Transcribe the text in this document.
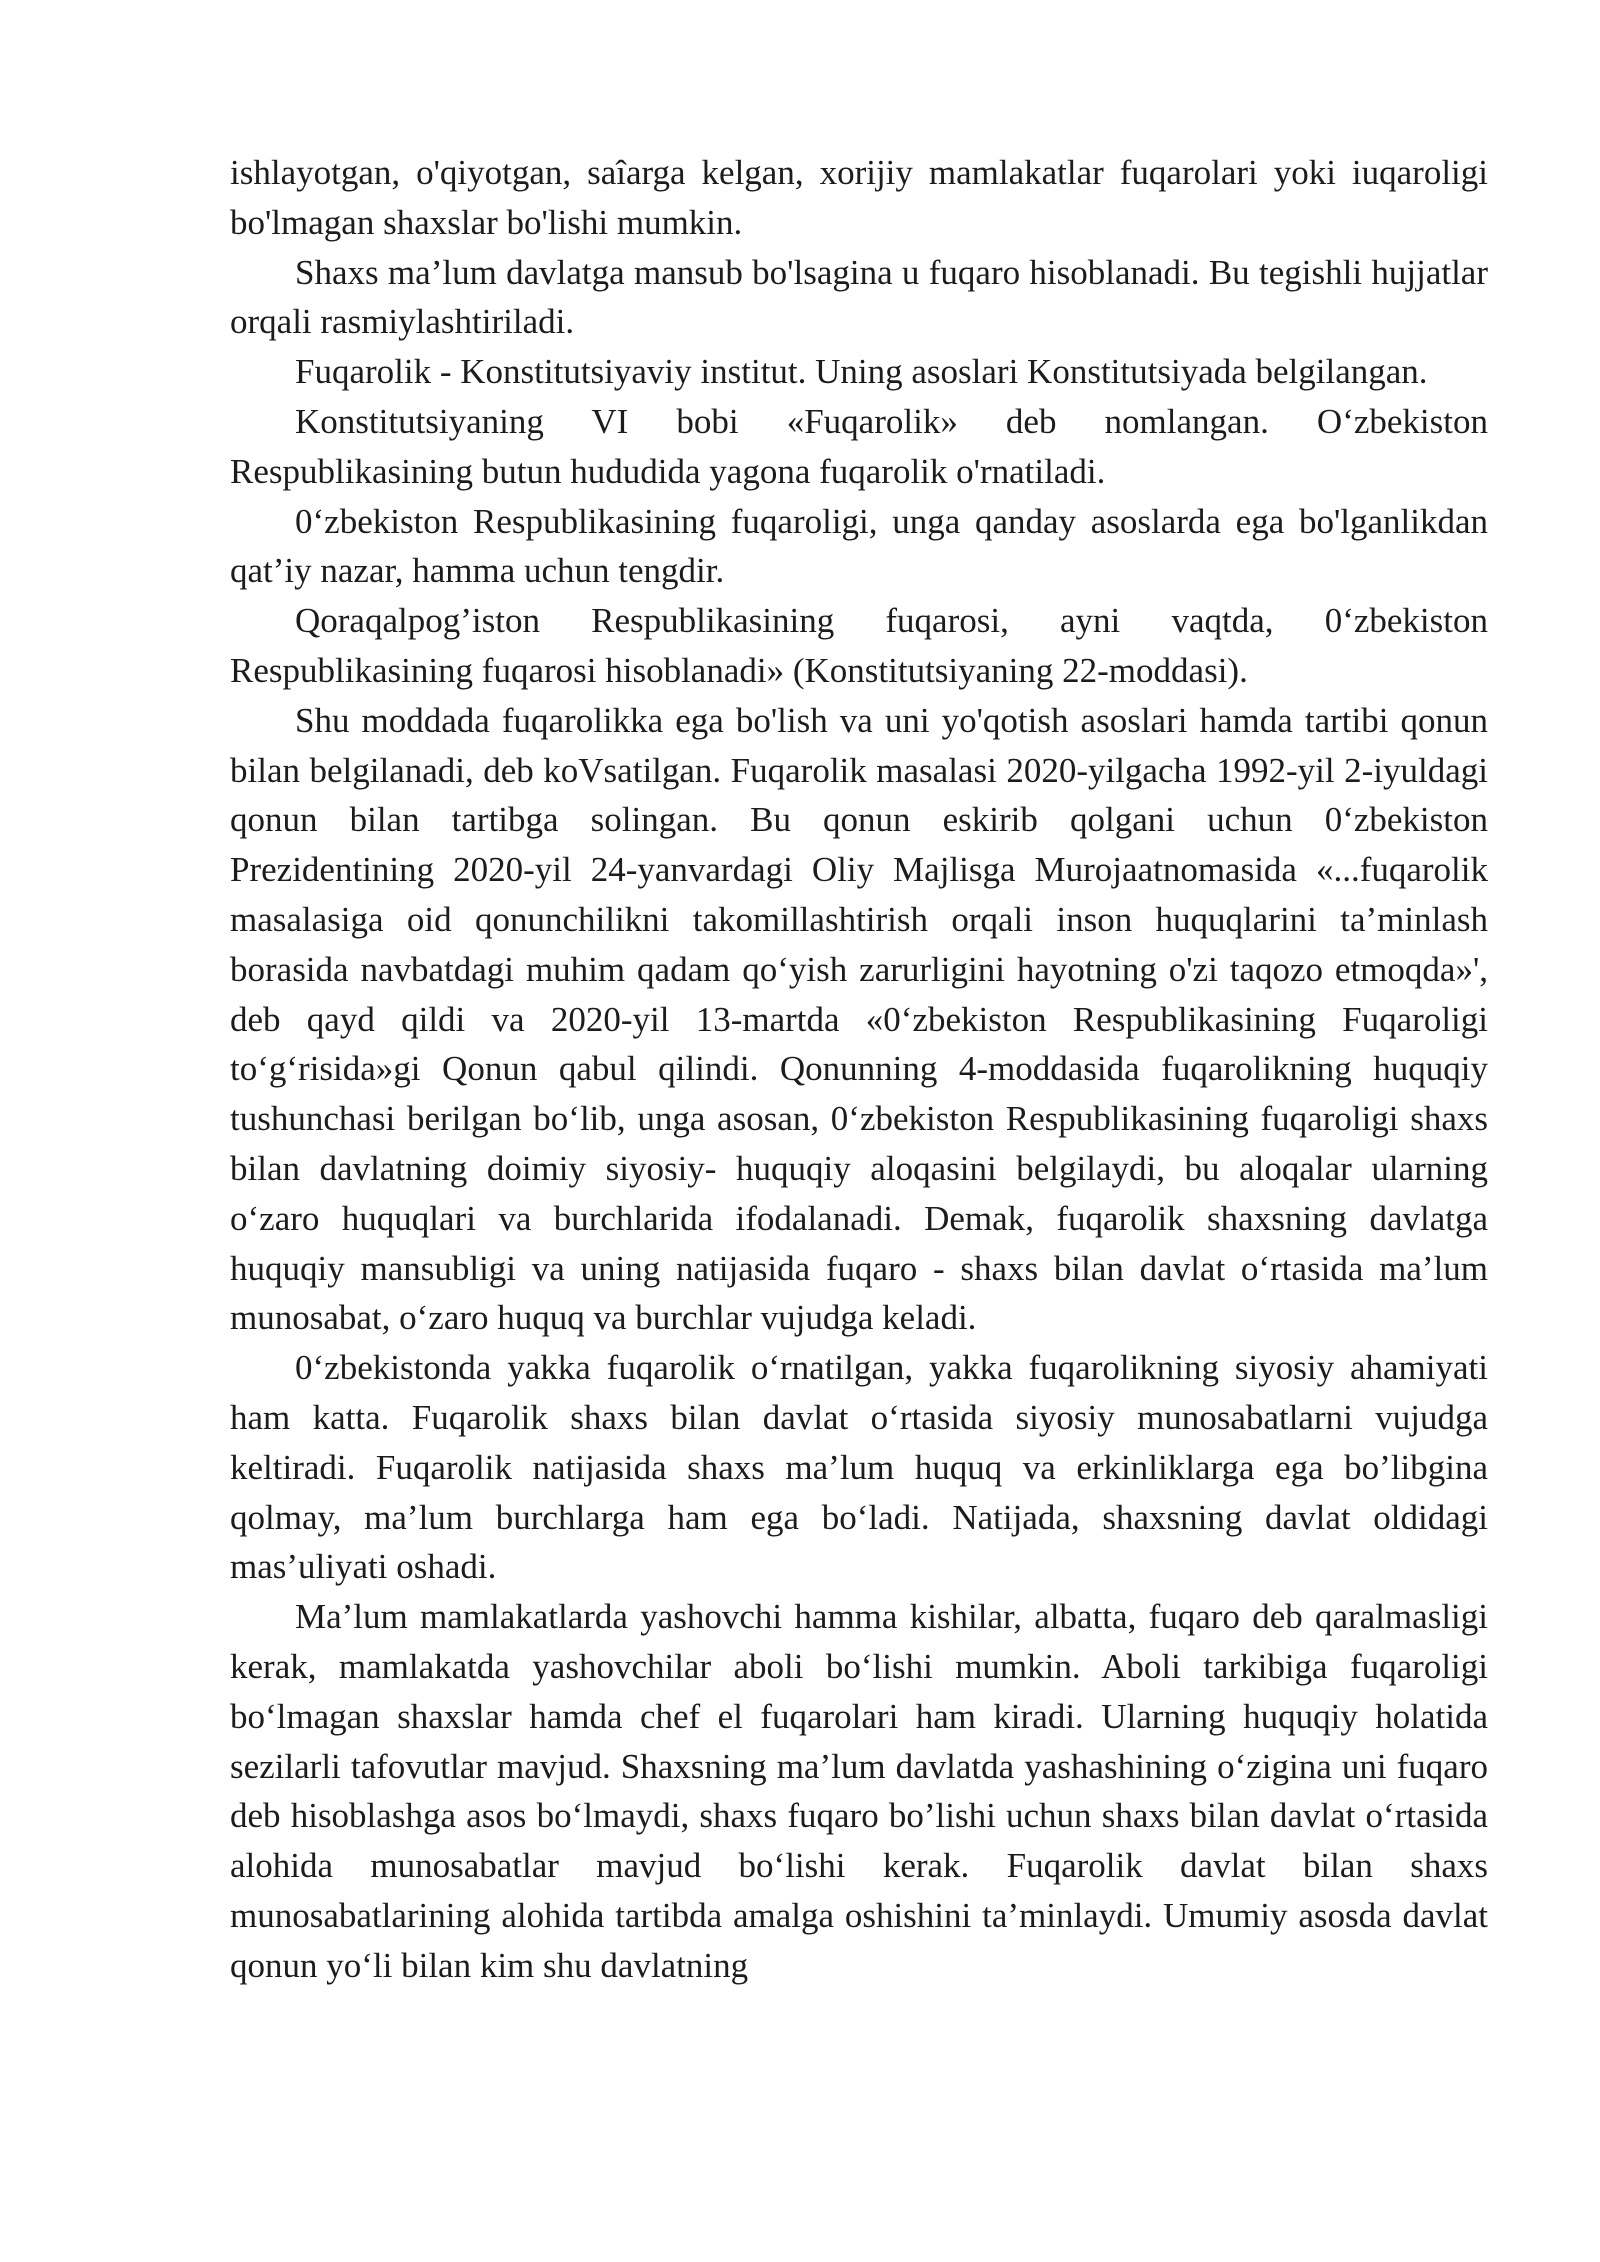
ishlayotgan, o'qiyotgan, saîarga kelgan, xorijiy mamlakatlar fuqarolari yoki iuqaroligi bo'lmagan shaxslar bo'lishi mumkin.

Shaxs ma’lum davlatga mansub bo'lsagina u fuqaro hisoblanadi. Bu tegishli hujjatlar orqali rasmiylashtiriladi.

Fuqarolik - Konstitutsiyaviy institut. Uning asoslari Konstitutsiyada belgilangan.

Konstitutsiyaning VI bobi «Fuqarolik» deb nomlangan. O‘zbekiston Respublikasining butun hududida yagona fuqarolik o'rnatiladi.

0‘zbekiston Respublikasining fuqaroligi, unga qanday asoslarda ega bo'lganlikdan qat’iy nazar, hamma uchun tengdir.

Qoraqalpog’iston Respublikasining fuqarosi, ayni vaqtda, 0‘zbekiston Respublikasining fuqarosi hisoblanadi» (Konstitutsiyaning 22-moddasi).

Shu moddada fuqarolikka ega bo'lish va uni yo'qotish asoslari hamda tartibi qonun bilan belgilanadi, deb koVsatilgan. Fuqarolik masalasi 2020-yilgacha 1992-yil 2-iyuldagi qonun bilan tartibga solingan. Bu qonun eskirib qolgani uchun 0‘zbekiston Prezidentining 2020-yil 24-yanvardagi Oliy Majlisga Murojaatnomasida «...fuqarolik masalasiga oid qonunchilikni takomillashtirish orqali inson huquqlarini ta’minlash borasida navbatdagi muhim qadam qo‘yish zarurligini hayotning o'zi taqozo etmoqda»', deb qayd qildi va 2020-yil 13-martda «0‘zbekiston Respublikasining Fuqaroligi to‘g‘risida»gi Qonun qabul qilindi. Qonunning 4-moddasida fuqarolikning huquqiy tushunchasi berilgan bo‘lib, unga asosan, 0‘zbekiston Respublikasining fuqaroligi shaxs bilan davlatning doimiy siyosiy- huquqiy aloqasini belgilaydi, bu aloqalar ularning o‘zaro huquqlari va burchlarida ifodalanadi. Demak, fuqarolik shaxsning davlatga huquqiy mansubligi va uning natijasida fuqaro - shaxs bilan davlat o‘rtasida ma’lum munosabat, o‘zaro huquq va burchlar vujudga keladi.

0‘zbekistonda yakka fuqarolik o‘rnatilgan, yakka fuqarolikning siyosiy ahamiyati ham katta. Fuqarolik shaxs bilan davlat o‘rtasida siyosiy munosabatlarni vujudga keltiradi. Fuqarolik natijasida shaxs ma’lum huquq va erkinliklarga ega bo’libgina qolmay, ma’lum burchlarga ham ega bo‘ladi. Natijada, shaxsning davlat oldidagi mas’uliyati oshadi.

Ma’lum mamlakatlarda yashovchi hamma kishilar, albatta, fuqaro deb qaralmasligi kerak, mamlakatda yashovchilar aboli bo‘lishi mumkin. Aboli tarkibiga fuqaroligi bo‘lmagan shaxslar hamda chef el fuqarolari ham kiradi. Ularning huquqiy holatida sezilarli tafovutlar mavjud. Shaxsning ma’lum davlatda yashashining o‘zigina uni fuqaro deb hisoblashga asos bo‘lmaydi, shaxs fuqaro bo’lishi uchun shaxs bilan davlat o‘rtasida alohida munosabatlar mavjud bo‘lishi kerak. Fuqarolik davlat bilan shaxs munosabatlarining alohida tartibda amalga oshishini ta’minlaydi. Umumiy asosda davlat qonun yo‘li bilan kim shu davlatning
